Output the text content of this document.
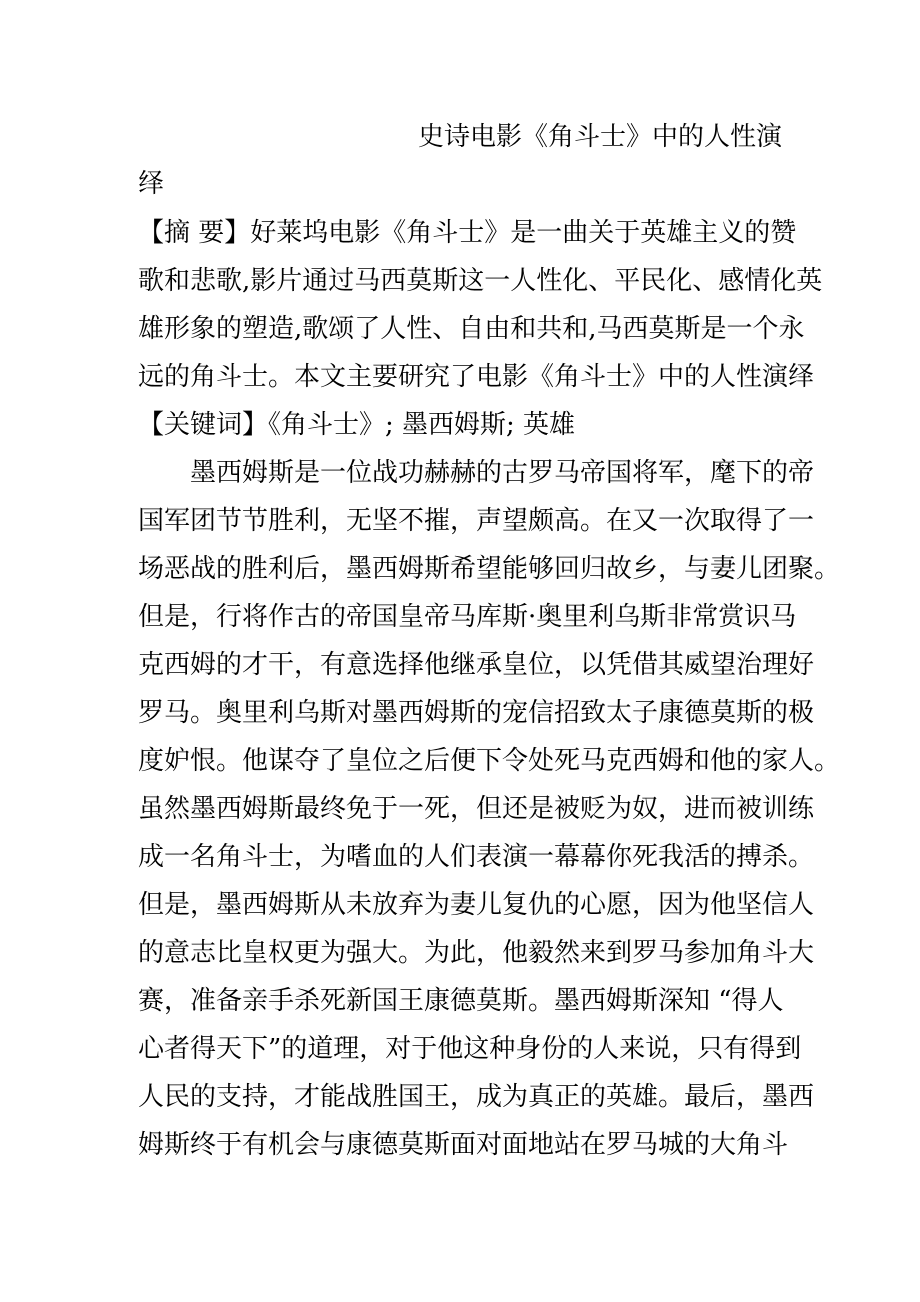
史诗电影《角斗士》中的人性演
绎
【摘 要】好莱坞电影《角斗士》是一曲关于英雄主义的赞
歌和悲歌,影片通过马西莫斯这一人性化、平民化、感情化英
雄形象的塑造,歌颂了人性、自由和共和,马西莫斯是一个永
远的角斗士。本文主要研究了电影《角斗士》中的人性演绎
【关键词】《角斗士》; 墨西姆斯; 英雄
墨西姆斯是一位战功赫赫的古罗马帝国将军，麾下的帝
国军团节节胜利，无坚不摧，声望颇高。在又一次取得了一
场恶战的胜利后，墨西姆斯希望能够回归故乡，与妻儿团聚。
但是，行将作古的帝国皇帝马库斯·奥里利乌斯非常赏识马
克西姆的才干，有意选择他继承皇位，以凭借其威望治理好
罗马。奥里利乌斯对墨西姆斯的宠信招致太子康德莫斯的极
度妒恨。他谋夺了皇位之后便下令处死马克西姆和他的家人。
虽然墨西姆斯最终免于一死，但还是被贬为奴，进而被训练
成一名角斗士，为嗜血的人们表演一幕幕你死我活的搏杀。
但是，墨西姆斯从未放弃为妻儿复仇的心愿，因为他坚信人
的意志比皇权更为强大。为此，他毅然来到罗马参加角斗大
赛，准备亲手杀死新国王康德莫斯。墨西姆斯深知 “得人
心者得天下”的道理，对于他这种身份的人来说，只有得到
人民的支持，才能战胜国王，成为真正的英雄。最后，墨西
姆斯终于有机会与康德莫斯面对面地站在罗马城的大角斗
